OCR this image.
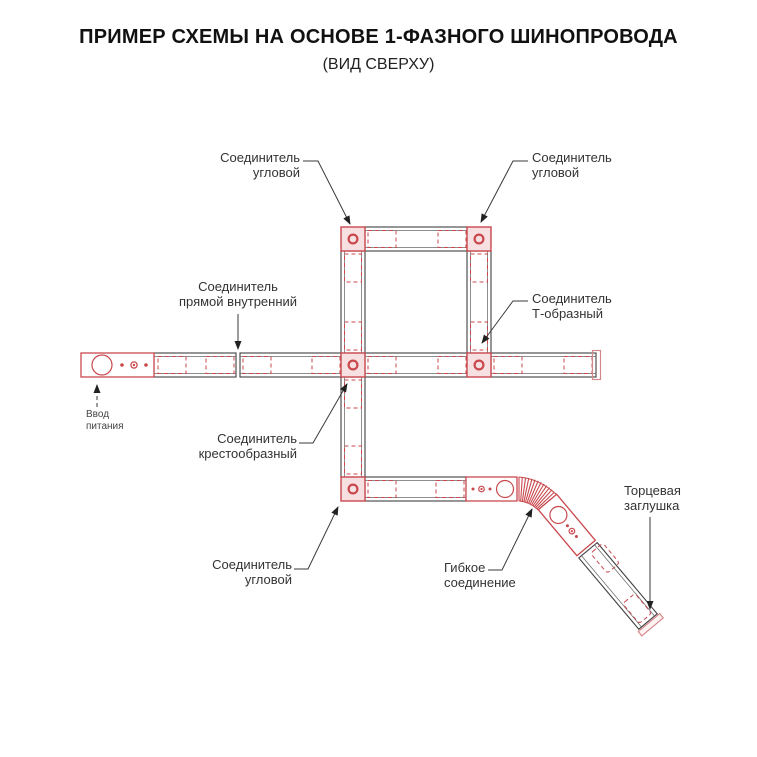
ПРИМЕР СХЕМЫ НА ОСНОВЕ 1-ФАЗНОГО ШИНОПРОВОДА
(ВИД СВЕРХУ)
Соединитель
угловой
Соединитель
угловой
Соединитель
прямой внутренний	Соединитель
Т-образный
Соединитель
крестообразный
Соединитель
угловой
Гибкое
соединение
Торцевая
заглушка
Ввод
питания
